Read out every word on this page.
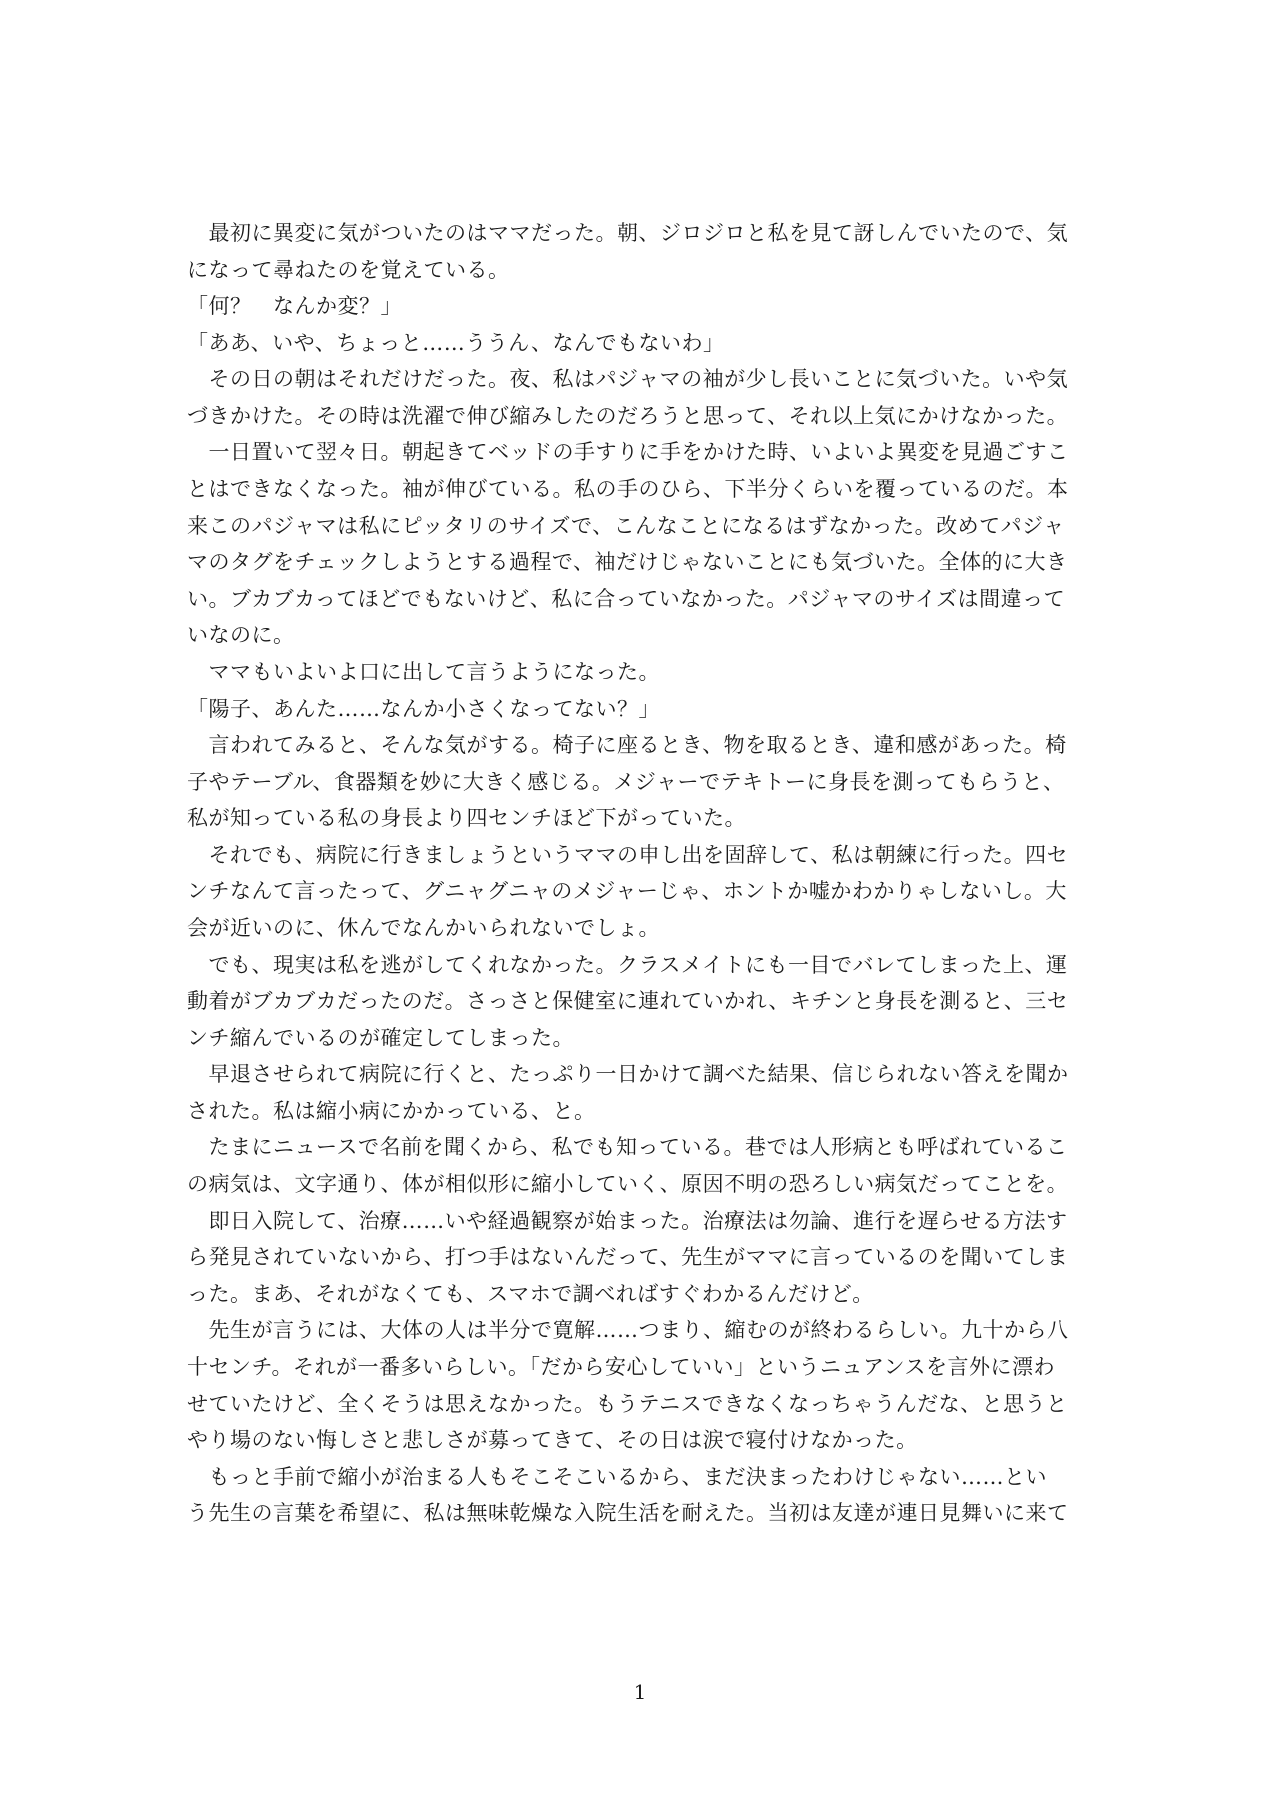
　最初に異変に気がついたのはママだった。朝、ジロジロと私を見て訝しんでいたので、気
になって尋ねたのを覚えている。
「何？　なんか変？」
「ああ、いや、ちょっと……ううん、なんでもないわ」
　その日の朝はそれだけだった。夜、私はパジャマの袖が少し長いことに気づいた。いや気
づきかけた。その時は洗濯で伸び縮みしたのだろうと思って、それ以上気にかけなかった。
　一日置いて翌々日。朝起きてベッドの手すりに手をかけた時、いよいよ異変を見過ごすこ
とはできなくなった。袖が伸びている。私の手のひら、下半分くらいを覆っているのだ。本
来このパジャマは私にピッタリのサイズで、こんなことになるはずなかった。改めてパジャ
マのタグをチェックしようとする過程で、袖だけじゃないことにも気づいた。全体的に大き
い。ブカブカってほどでもないけど、私に合っていなかった。パジャマのサイズは間違って
いなのに。
　ママもいよいよ口に出して言うようになった。
「陽子、あんた……なんか小さくなってない？」
　言われてみると、そんな気がする。椅子に座るとき、物を取るとき、違和感があった。椅
子やテーブル、食器類を妙に大きく感じる。メジャーでテキトーに身長を測ってもらうと、
私が知っている私の身長より四センチほど下がっていた。
　それでも、病院に行きましょうというママの申し出を固辞して、私は朝練に行った。四セ
ンチなんて言ったって、グニャグニャのメジャーじゃ、ホントか嘘かわかりゃしないし。大
会が近いのに、休んでなんかいられないでしょ。
　でも、現実は私を逃がしてくれなかった。クラスメイトにも一目でバレてしまった上、運
動着がブカブカだったのだ。さっさと保健室に連れていかれ、キチンと身長を測ると、三セ
ンチ縮んでいるのが確定してしまった。
　早退させられて病院に行くと、たっぷり一日かけて調べた結果、信じられない答えを聞か
された。私は縮小病にかかっている、と。
　たまにニュースで名前を聞くから、私でも知っている。巷では人形病とも呼ばれているこ
の病気は、文字通り、体が相似形に縮小していく、原因不明の恐ろしい病気だってことを。
　即日入院して、治療……いや経過観察が始まった。治療法は勿論、進行を遅らせる方法す
ら発見されていないから、打つ手はないんだって、先生がママに言っているのを聞いてしま
った。まあ、それがなくても、スマホで調べればすぐわかるんだけど。
　先生が言うには、大体の人は半分で寛解……つまり、縮むのが終わるらしい。九十から八
十センチ。それが一番多いらしい。「だから安心していい」というニュアンスを言外に漂わ
せていたけど、全くそうは思えなかった。もうテニスできなくなっちゃうんだな、と思うと
やり場のない悔しさと悲しさが募ってきて、その日は涙で寝付けなかった。
　もっと手前で縮小が治まる人もそこそこいるから、まだ決まったわけじゃない……とい
う先生の言葉を希望に、私は無味乾燥な入院生活を耐えた。当初は友達が連日見舞いに来て
1
